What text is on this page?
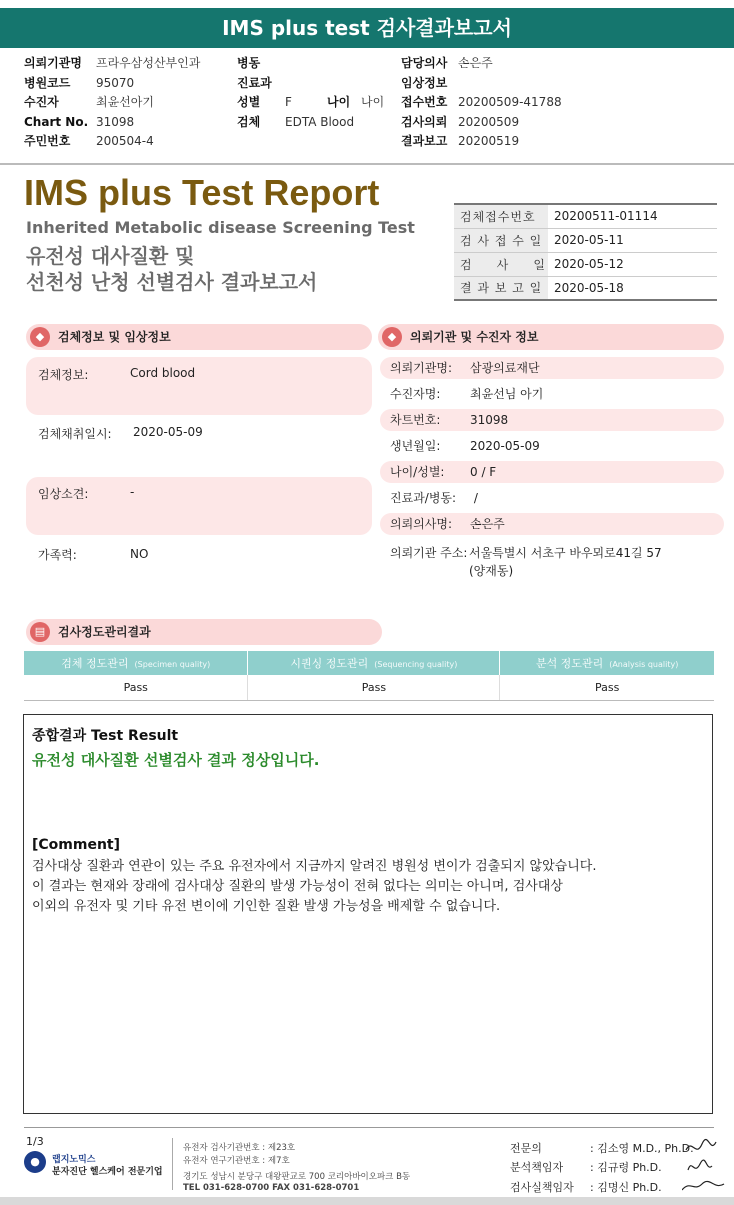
IMS plus test 검사결과보고서
의뢰기관명	프라우삼성산부인과
병원코드	95070
수진자	최윤선아기
Chart No. 31098
주민번호	200504-4
병동
진료과
성별	F	나이 나이
검체	EDTA Blood
담당의사 손은주
임상정보
접수번호 20200509-41788
검사의뢰 20200509
결과보고 20200519
IMS plus Test Report
Inherited Metabolic disease Screening Test
유전성 대사질환 및
선천성 난청 선별검사 결과보고서
검체접수번호	20200511-01114
검 사 접 수 일	2020-05-11
검     사     일	2020-05-12
결 과 보 고 일	2020-05-18
◆	검체정보 및 임상정보
검체정보:	Cord blood
검체채취일시: 2020-05-09
임상소견:	-
가족력:	NO
◆	의뢰기관 및 수진자 정보
의뢰기관명: 삼광의료재단
수진자명: 최윤선님 아기
차트번호: 31098
생년월일: 2020-05-09
나이/성별: 0 / F
진료과/병동: /
의뢰의사명: 손은주
의뢰기관 주소: 서울특별시 서초구 바우뫼로41길 57
(양재동)
▤	검사정도관리결과
검체 정도관리 (Specimen quality)	시퀀싱 정도관리 (Sequencing quality)	분석 정도관리 (Analysis quality)
Pass	Pass	Pass
종합결과 Test Result
유전성 대사질환 선별검사 결과 정상입니다.
[Comment]
검사대상 질환과 연관이 있는 주요 유전자에서 지금까지 알려진 병원성 변이가 검출되지 않았습니다.
이 결과는 현재와 장래에 검사대상 질환의 발생 가능성이 전혀 없다는 의미는 아니며, 검사대상
이외의 유전자 및 기타 유전 변이에 기인한 질환 발생 가능성을 배제할 수 없습니다.
1/3
●	랩지노믹스
분자진단 헬스케어 전문기업
유전자 검사기관번호 : 제23호
유전자 연구기관번호 : 제7호
경기도 성남시 분당구 대왕판교로 700 코리아바이오파크 B동
TEL 031-628-0700 FAX 031-628-0701
전문의	: 김소영 M.D., Ph.D.
분석책임자 : 김규령 Ph.D.
검사실책임자 : 김명신 Ph.D.
